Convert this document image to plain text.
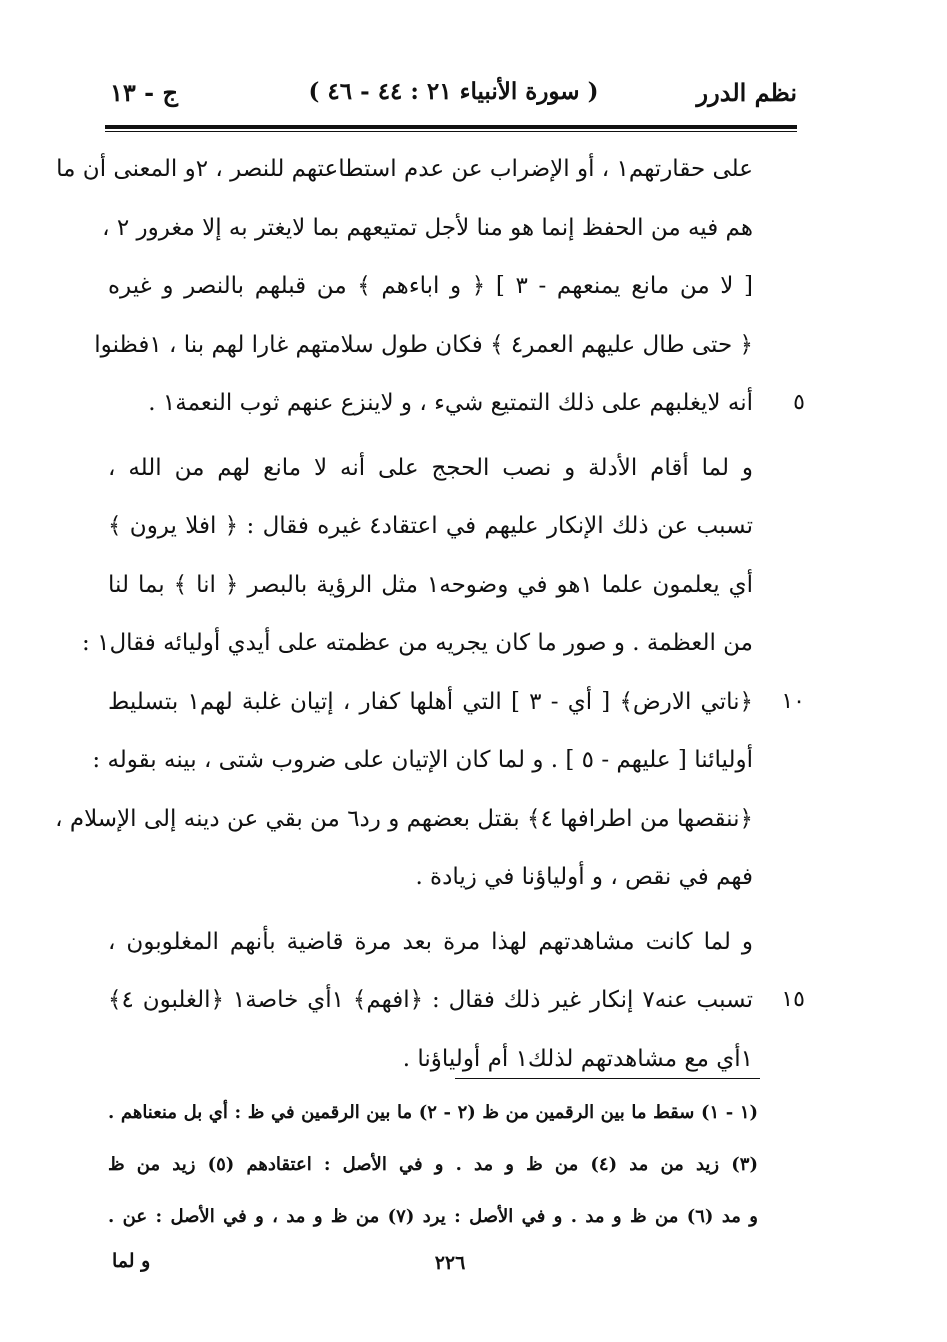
نظم الدرر
( سورة الأنبياء ٢١ : ٤٤ - ٤٦ )
ج - ١٣
على حقارتهم١ ، أو الإضراب عن عدم استطاعتهم للنصر ، ٢و المعنى أن ما
هم فيه من الحفظ إنما هو منا لأجل تمتيعهم بما لايغتر به إلا مغرور ٢ ،
[ لا من مانع يمنعهم - ٣ ] ﴿ و اباءهم ﴾ من قبلهم بالنصر و غيره
﴿ حتى طال عليهم العمر٤ ﴾ فكان طول سلامتهم غارا لهم بنا ، ١فظنوا
٥
أنه لايغلبهم على ذلك التمتيع شيء ، و لاينزع عنهم ثوب النعمة١ .
و لما أقام الأدلة و نصب الحجج على أنه لا مانع لهم من الله ،
تسبب عن ذلك الإنكار عليهم في اعتقاد٤ غيره فقال : ﴿ افلا يرون ﴾
أي يعلمون علما ١هو في وضوحه١ مثل الرؤية بالبصر ﴿ انا ﴾ بما لنا
من العظمة . و صور ما كان يجريه من عظمته على أيدي أوليائه فقال١ :
١٠
﴿ناتي الارض﴾ [ أي - ٣ ] التي أهلها كفار ، إتيان غلبة لهم١ بتسليط
أوليائنا [ عليهم - ٥ ] . و لما كان الإتيان على ضروب شتى ، بينه بقوله :
﴿ننقصها من اطرافها ٤﴾ بقتل بعضهم و رد٦ من بقي عن دينه إلى الإسلام ،
فهم في نقص ، و أولياؤنا في زيادة .
و لما كانت مشاهدتهم لهذا مرة بعد مرة قاضية بأنهم المغلوبون ،
١٥
تسبب عنه٧ إنكار غير ذلك فقال : ﴿افهم﴾ ١أي خاصة١ ﴿الغلبون ٤﴾
١أي مع مشاهدتهم لذلك١ أم أولياؤنا .
(١ - ١) سقط ما بين الرقمين من ظ (٢ - ٢) ما بين الرقمين في ظ : أي بل منعناهم .
(٣) زيد من مد (٤) من ظ و مد . و في الأصل : اعتقادهم (٥) زيد من ظ
و مد (٦) من ظ و مد . و في الأصل : يرد (٧) من ظ و مد ، و في الأصل : عن .
و لما	٢٢٦
